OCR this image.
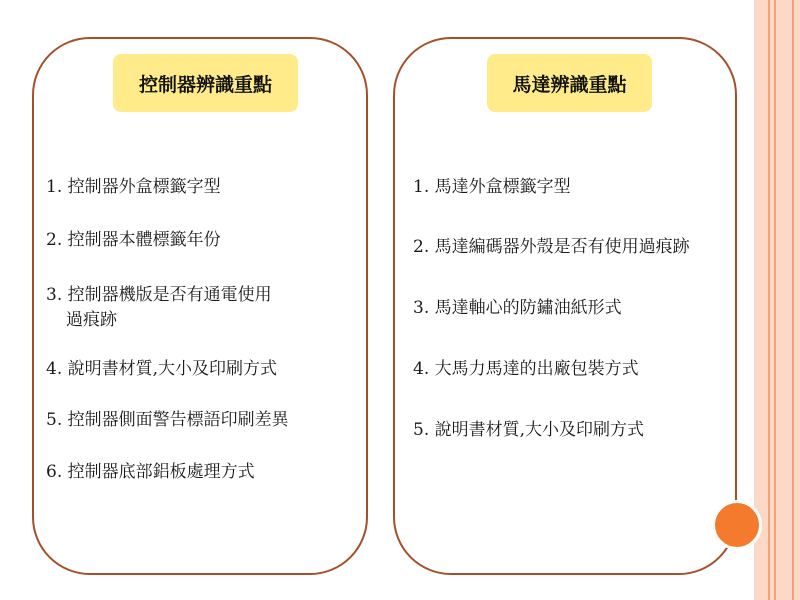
控制器辨識重點
1. 控制器外盒標籤字型
2. 控制器本體標籤年份
3. 控制器機版是否有通電使用
過痕跡
4. 說明書材質,大小及印刷方式
5. 控制器側面警告標語印刷差異
6. 控制器底部鋁板處理方式
馬達辨識重點
1. 馬達外盒標籤字型
2. 馬達編碼器外殼是否有使用過痕跡
3. 馬達軸心的防鏽油紙形式
4. 大馬力馬達的出廠包裝方式
5. 說明書材質,大小及印刷方式
